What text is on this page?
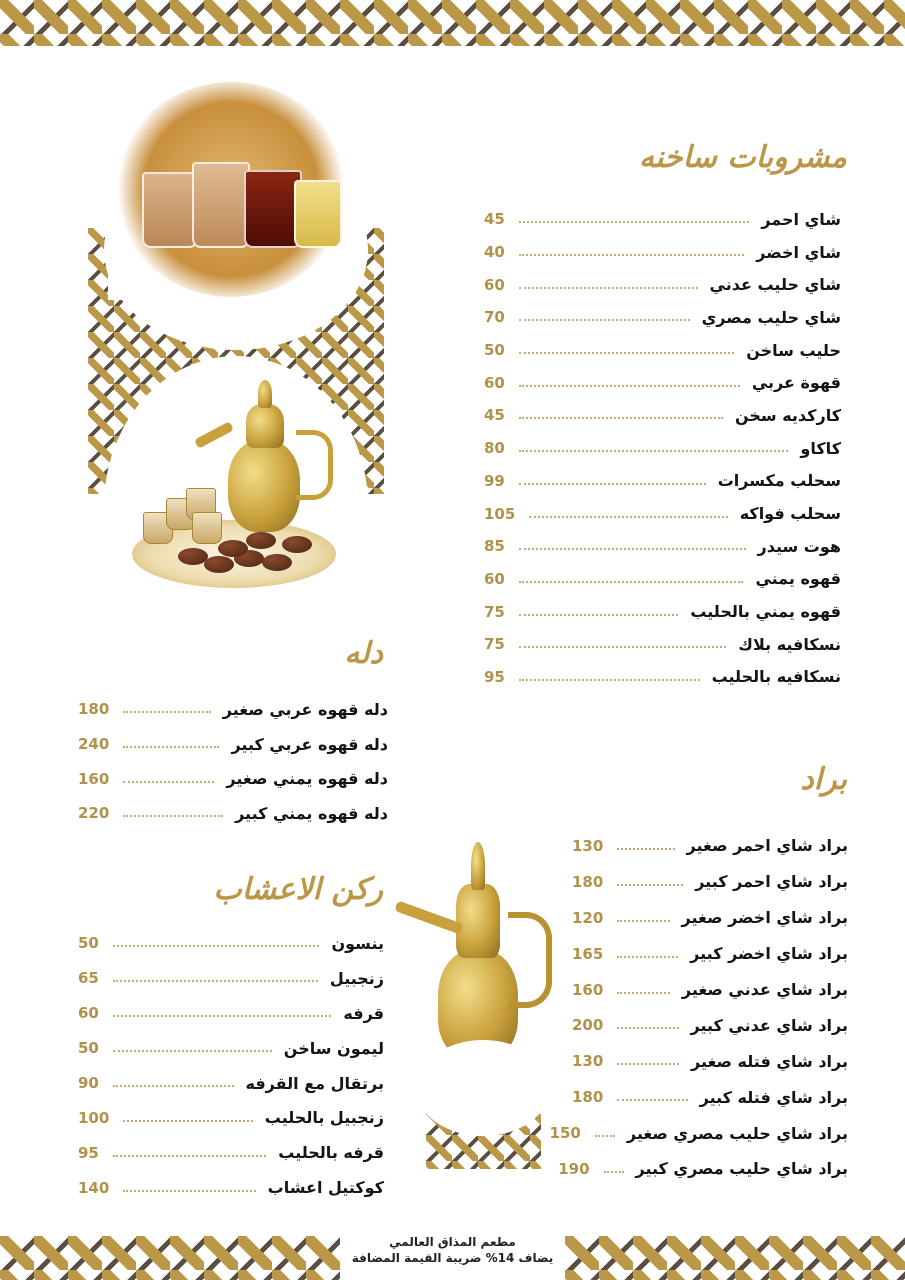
مشروبات ساخنه
شاي احمر
45
شاي اخضر
40
شاي حليب عدني
60
شاي حليب مصري
70
حليب ساخن
50
قهوة عربي
60
كاركديه سخن
45
كاكاو
80
سحلب مكسرات
99
سحلب فواكه
105
هوت سيدر
85
قهوه يمني
60
قهوه يمني بالحليب
75
نسكافيه بلاك
75
نسكافيه بالحليب
95
دله
دله قهوه عربي صغير
180
دله قهوه عربي كبير
240
دله قهوه يمني صغير
160
دله قهوه يمني كبير
220
براد
براد شاي احمر صغير
130
براد شاي احمر كبير
180
براد شاي اخضر صغير
120
براد شاي اخضر كبير
165
براد شاي عدني صغير
160
براد شاي عدني كبير
200
براد شاي فتله صغير
130
براد شاي فتله كبير
180
براد شاي حليب مصري صغير
150
براد شاي حليب مصري كبير
190
ركن الاعشاب
ينسون
50
زنجبيل
65
قرفه
60
ليمون ساخن
50
برتقال مع القرفه
90
زنجبيل بالحليب
100
قرفه بالحليب
95
كوكتيل اعشاب
140
مطعم المذاق العالمي
يضاف 14% ضريبة القيمة المضافة
